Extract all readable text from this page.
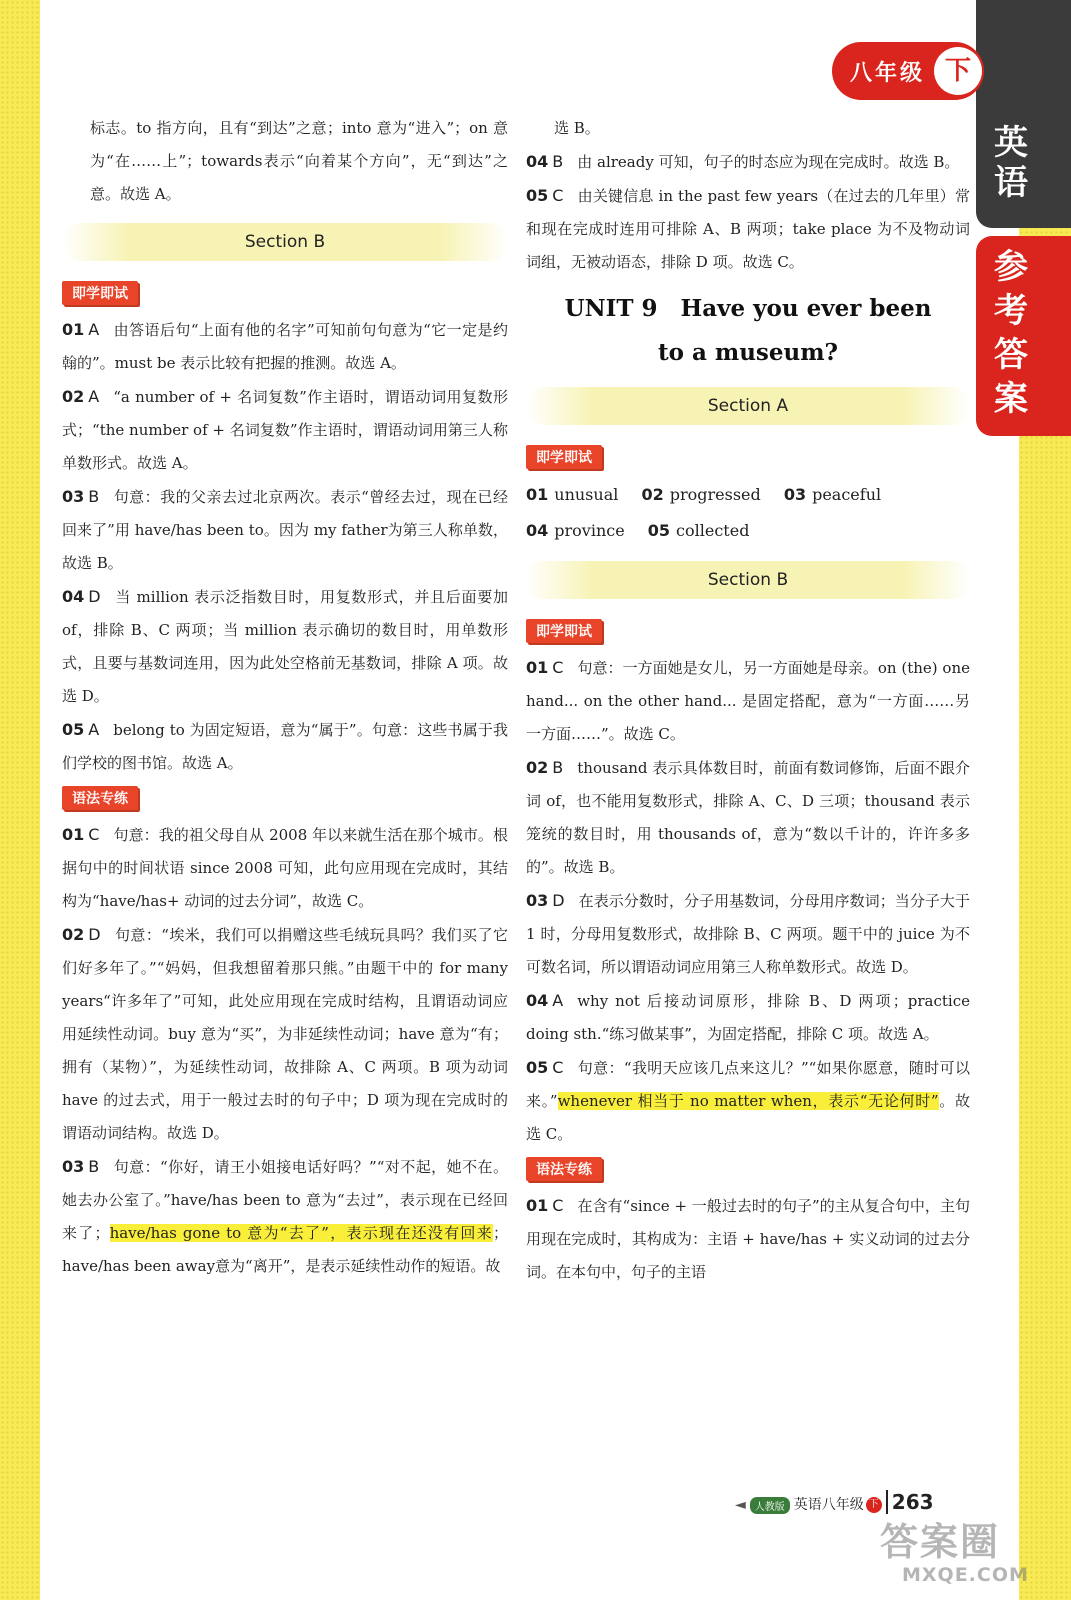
英
语
参
考
答
案
八年级 下

标志。to 指方向，且有“到达”之意；into 意为“进入”；on 意为“在……上”；towards表示“向着某个方向”，无“到达”之意。故选 A。

Section B
即学即试

01 A 由答语后句“上面有他的名字”可知前句句意为“它一定是约翰的”。must be 表示比较有把握的推测。故选 A。

02 A “a number of + 名词复数”作主语时，谓语动词用复数形式；“the number of + 名词复数”作主语时，谓语动词用第三人称单数形式。故选 A。

03 B 句意：我的父亲去过北京两次。表示“曾经去过，现在已经回来了”用 have/has been to。因为 my father为第三人称单数，故选 B。

04 D 当 million 表示泛指数目时，用复数形式，并且后面要加 of，排除 B、C 两项；当 million 表示确切的数目时，用单数形式，且要与基数词连用，因为此处空格前无基数词，排除 A 项。故选 D。

05 A belong to 为固定短语，意为“属于”。句意：这些书属于我们学校的图书馆。故选 A。

语法专练

01 C 句意：我的祖父母自从 2008 年以来就生活在那个城市。根据句中的时间状语 since 2008 可知，此句应用现在完成时，其结构为“have/has+ 动词的过去分词”，故选 C。

02 D 句意：“埃米，我们可以捐赠这些毛绒玩具吗？我们买了它们好多年了。”“妈妈，但我想留着那只熊。”由题干中的 for many years“许多年了”可知，此处应用现在完成时结构，且谓语动词应用延续性动词。buy 意为“买”，为非延续性动词；have 意为“有；拥有（某物）”，为延续性动词，故排除 A、C 两项。B 项为动词 have 的过去式，用于一般过去时的句子中；D 项为现在完成时的谓语动词结构。故选 D。

03 B 句意：“你好，请王小姐接电话好吗？”“对不起，她不在。她去办公室了。”have/has been to 意为“去过”，表示现在已经回来了；have/has gone to 意为“去了”，表示现在还没有回来；have/has been away意为“离开”，是表示延续性动作的短语。故

选 B。

04 B 由 already 可知，句子的时态应为现在完成时。故选 B。

05 C 由关键信息 in the past few years（在过去的几年里）常和现在完成时连用可排除 A、B 两项；take place 为不及物动词词组，无被动语态，排除 D 项。故选 C。

UNIT 9　Have you ever been
to a museum?
Section A
即学即试
01 unusual 02 progressed 03 peaceful
04 province 05 collected
Section B
即学即试

01 C 句意：一方面她是女儿，另一方面她是母亲。on (the) one hand... on the other hand... 是固定搭配，意为“一方面……另一方面……”。故选 C。

02 B thousand 表示具体数目时，前面有数词修饰，后面不跟介词 of，也不能用复数形式，排除 A、C、D 三项；thousand 表示笼统的数目时，用 thousands of，意为“数以千计的，许许多多的”。故选 B。

03 D 在表示分数时，分子用基数词，分母用序数词；当分子大于 1 时，分母用复数形式，故排除 B、C 两项。题干中的 juice 为不可数名词，所以谓语动词应用第三人称单数形式。故选 D。

04 A why not 后接动词原形，排除 B、D 两项；practice doing sth.“练习做某事”，为固定搭配，排除 C 项。故选 A。

05 C 句意：“我明天应该几点来这儿？”“如果你愿意，随时可以来。”whenever 相当于 no matter when，表示“无论何时”。故选 C。

语法专练

01 C 在含有“since + 一般过去时的句子”的主从复合句中，主句用现在完成时，其构成为：主语 + have/has + 实义动词的过去分词。在本句中，句子的主语

◄ 人教版 英语八年级 下 263
答案圈
MXQE.COM
